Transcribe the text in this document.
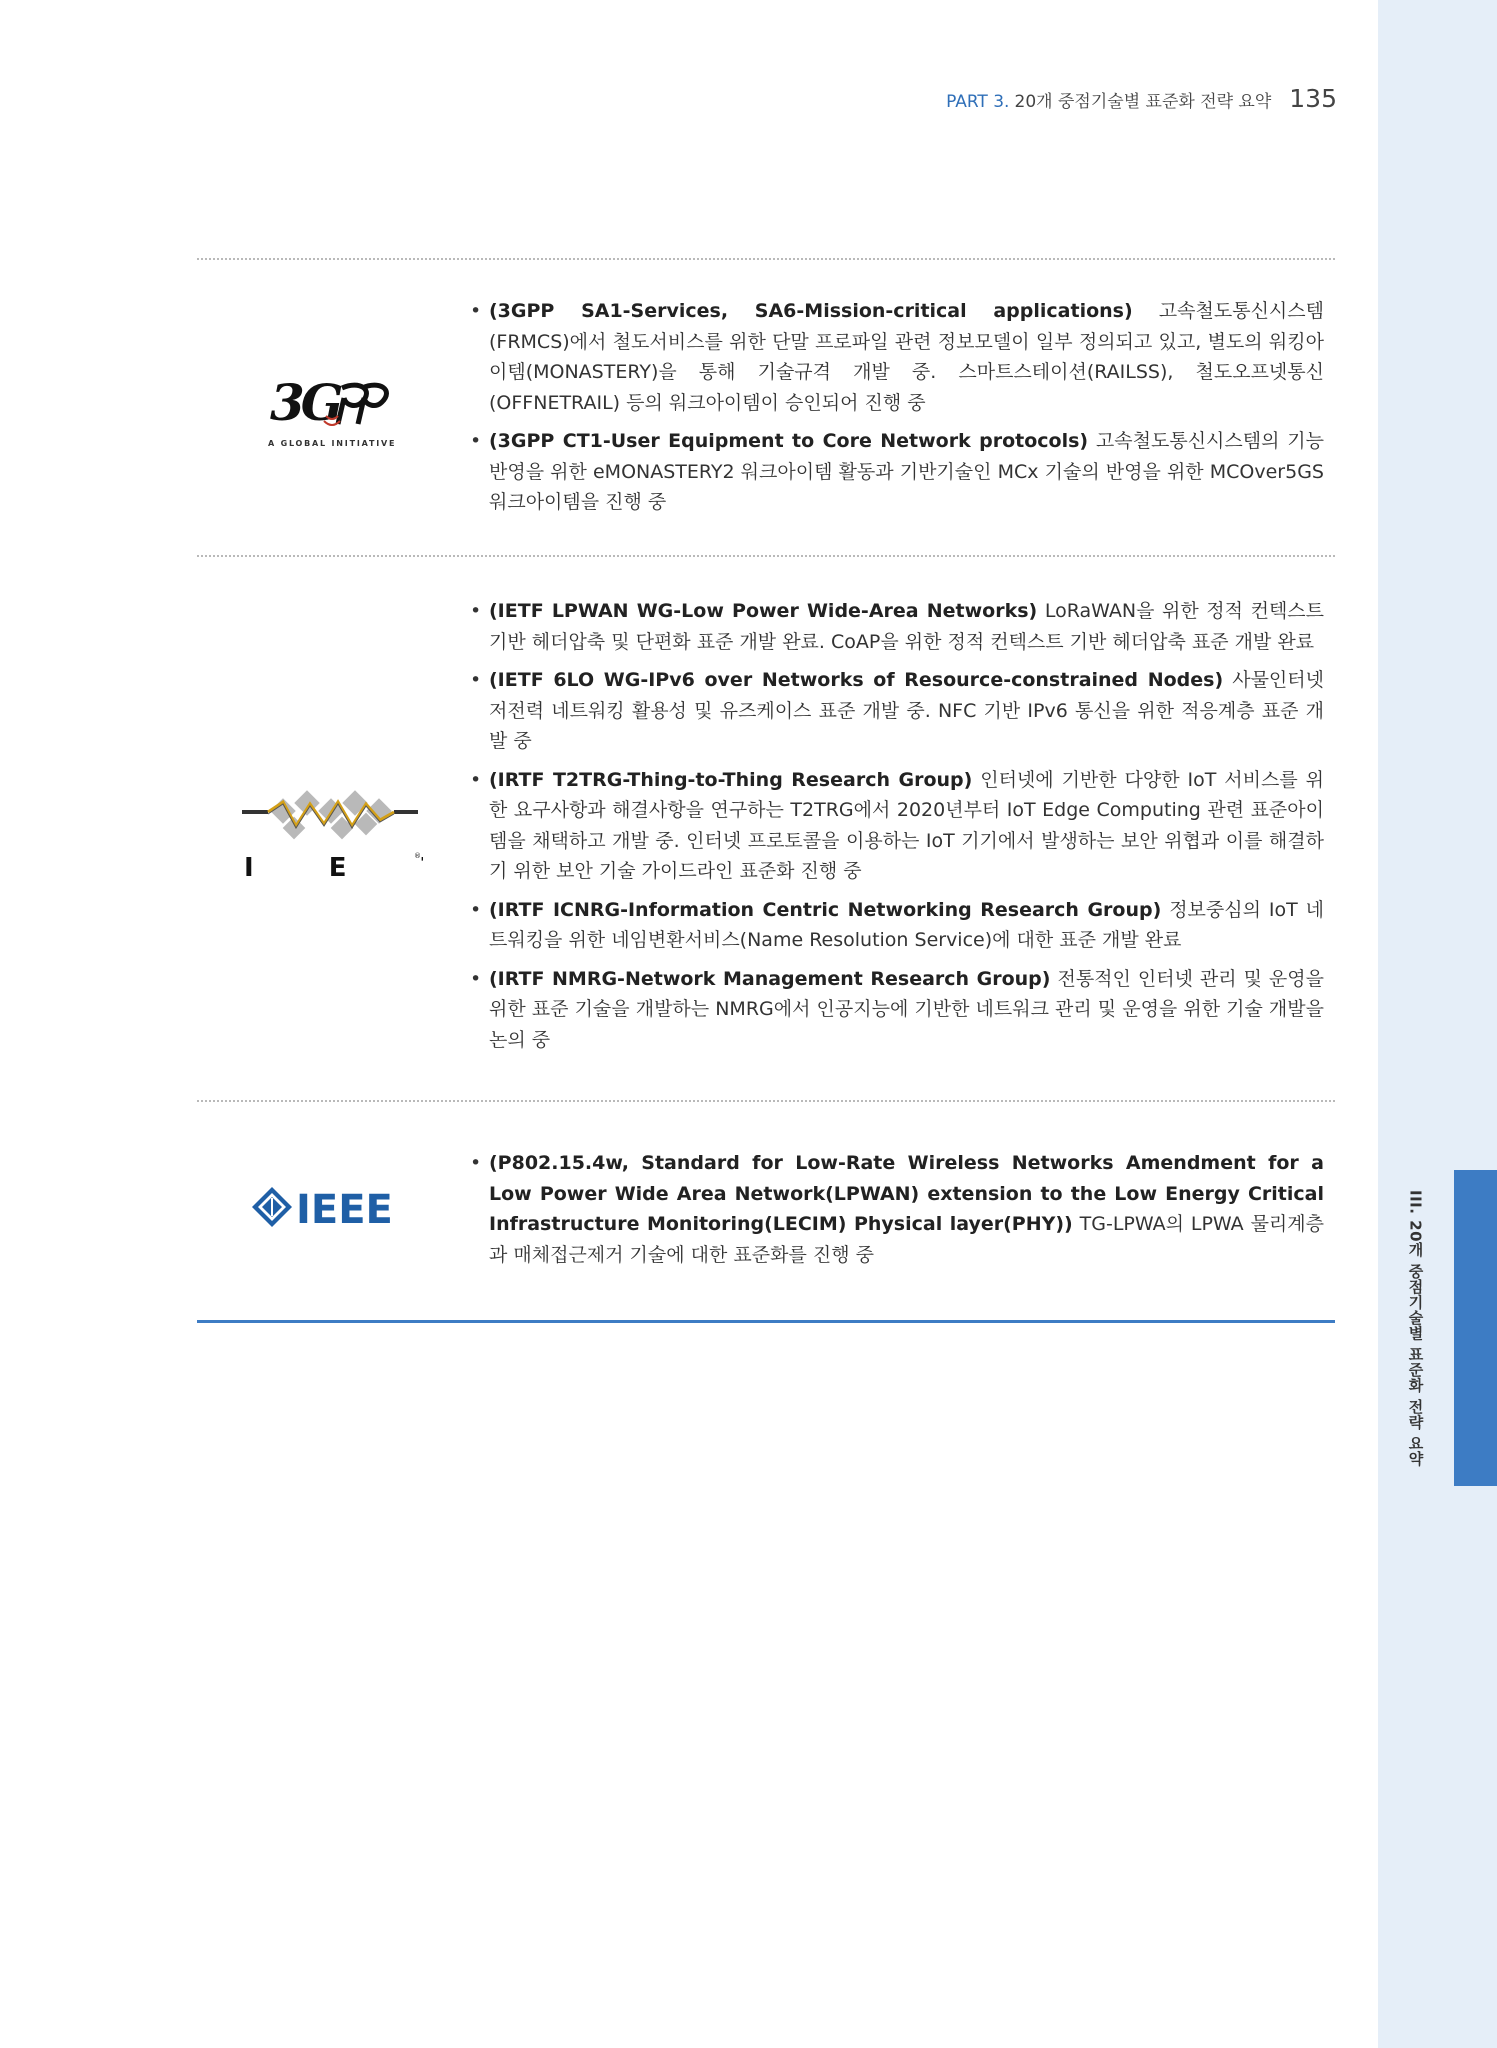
III. 20개 중점기술별 표준화 전략 요약
PART 3. 20개 중점기술별 표준화 전략 요약 135
3G
A GLOBAL INITIATIVE
I E	®
IEEE
• (3GPP SA1-Services, SA6-Mission-critical applications) 고속철도통신시스템(FRMCS)에서 철도서비스를 위한 단말 프로파일 관련 정보모델이 일부 정의되고 있고, 별도의 워킹아이템(MONASTERY)을 통해 기술규격 개발 중. 스마트스테이션(RAILSS), 철도오프넷통신(OFFNETRAIL) 등의 워크아이템이 승인되어 진행 중
• (3GPP CT1-User Equipment to Core Network protocols) 고속철도통신시스템의 기능 반영을 위한 eMONASTERY2 워크아이템 활동과 기반기술인 MCx 기술의 반영을 위한 MCOver5GS 워크아이템을 진행 중
• (IETF LPWAN WG-Low Power Wide-Area Networks) LoRaWAN을 위한 정적 컨텍스트 기반 헤더압축 및 단편화 표준 개발 완료. CoAP을 위한 정적 컨텍스트 기반 헤더압축 표준 개발 완료
• (IETF 6LO WG-IPv6 over Networks of Resource-constrained Nodes) 사물인터넷 저전력 네트워킹 활용성 및 유즈케이스 표준 개발 중. NFC 기반 IPv6 통신을 위한 적응계층 표준 개발 중
• (IRTF T2TRG-Thing-to-Thing Research Group) 인터넷에 기반한 다양한 IoT 서비스를 위한 요구사항과 해결사항을 연구하는 T2TRG에서 2020년부터 IoT Edge Computing 관련 표준아이템을 채택하고 개발 중. 인터넷 프로토콜을 이용하는 IoT 기기에서 발생하는 보안 위협과 이를 해결하기 위한 보안 기술 가이드라인 표준화 진행 중
• (IRTF ICNRG-Information Centric Networking Research Group) 정보중심의 IoT 네트워킹을 위한 네임변환서비스(Name Resolution Service)에 대한 표준 개발 완료
• (IRTF NMRG-Network Management Research Group) 전통적인 인터넷 관리 및 운영을 위한 표준 기술을 개발하는 NMRG에서 인공지능에 기반한 네트워크 관리 및 운영을 위한 기술 개발을 논의 중
• (P802.15.4w, Standard for Low-Rate Wireless Networks Amendment for a Low Power Wide Area Network(LPWAN) extension to the Low Energy Critical Infrastructure Monitoring(LECIM) Physical layer(PHY)) TG-LPWA의 LPWA 물리계층과 매체접근제거 기술에 대한 표준화를 진행 중
